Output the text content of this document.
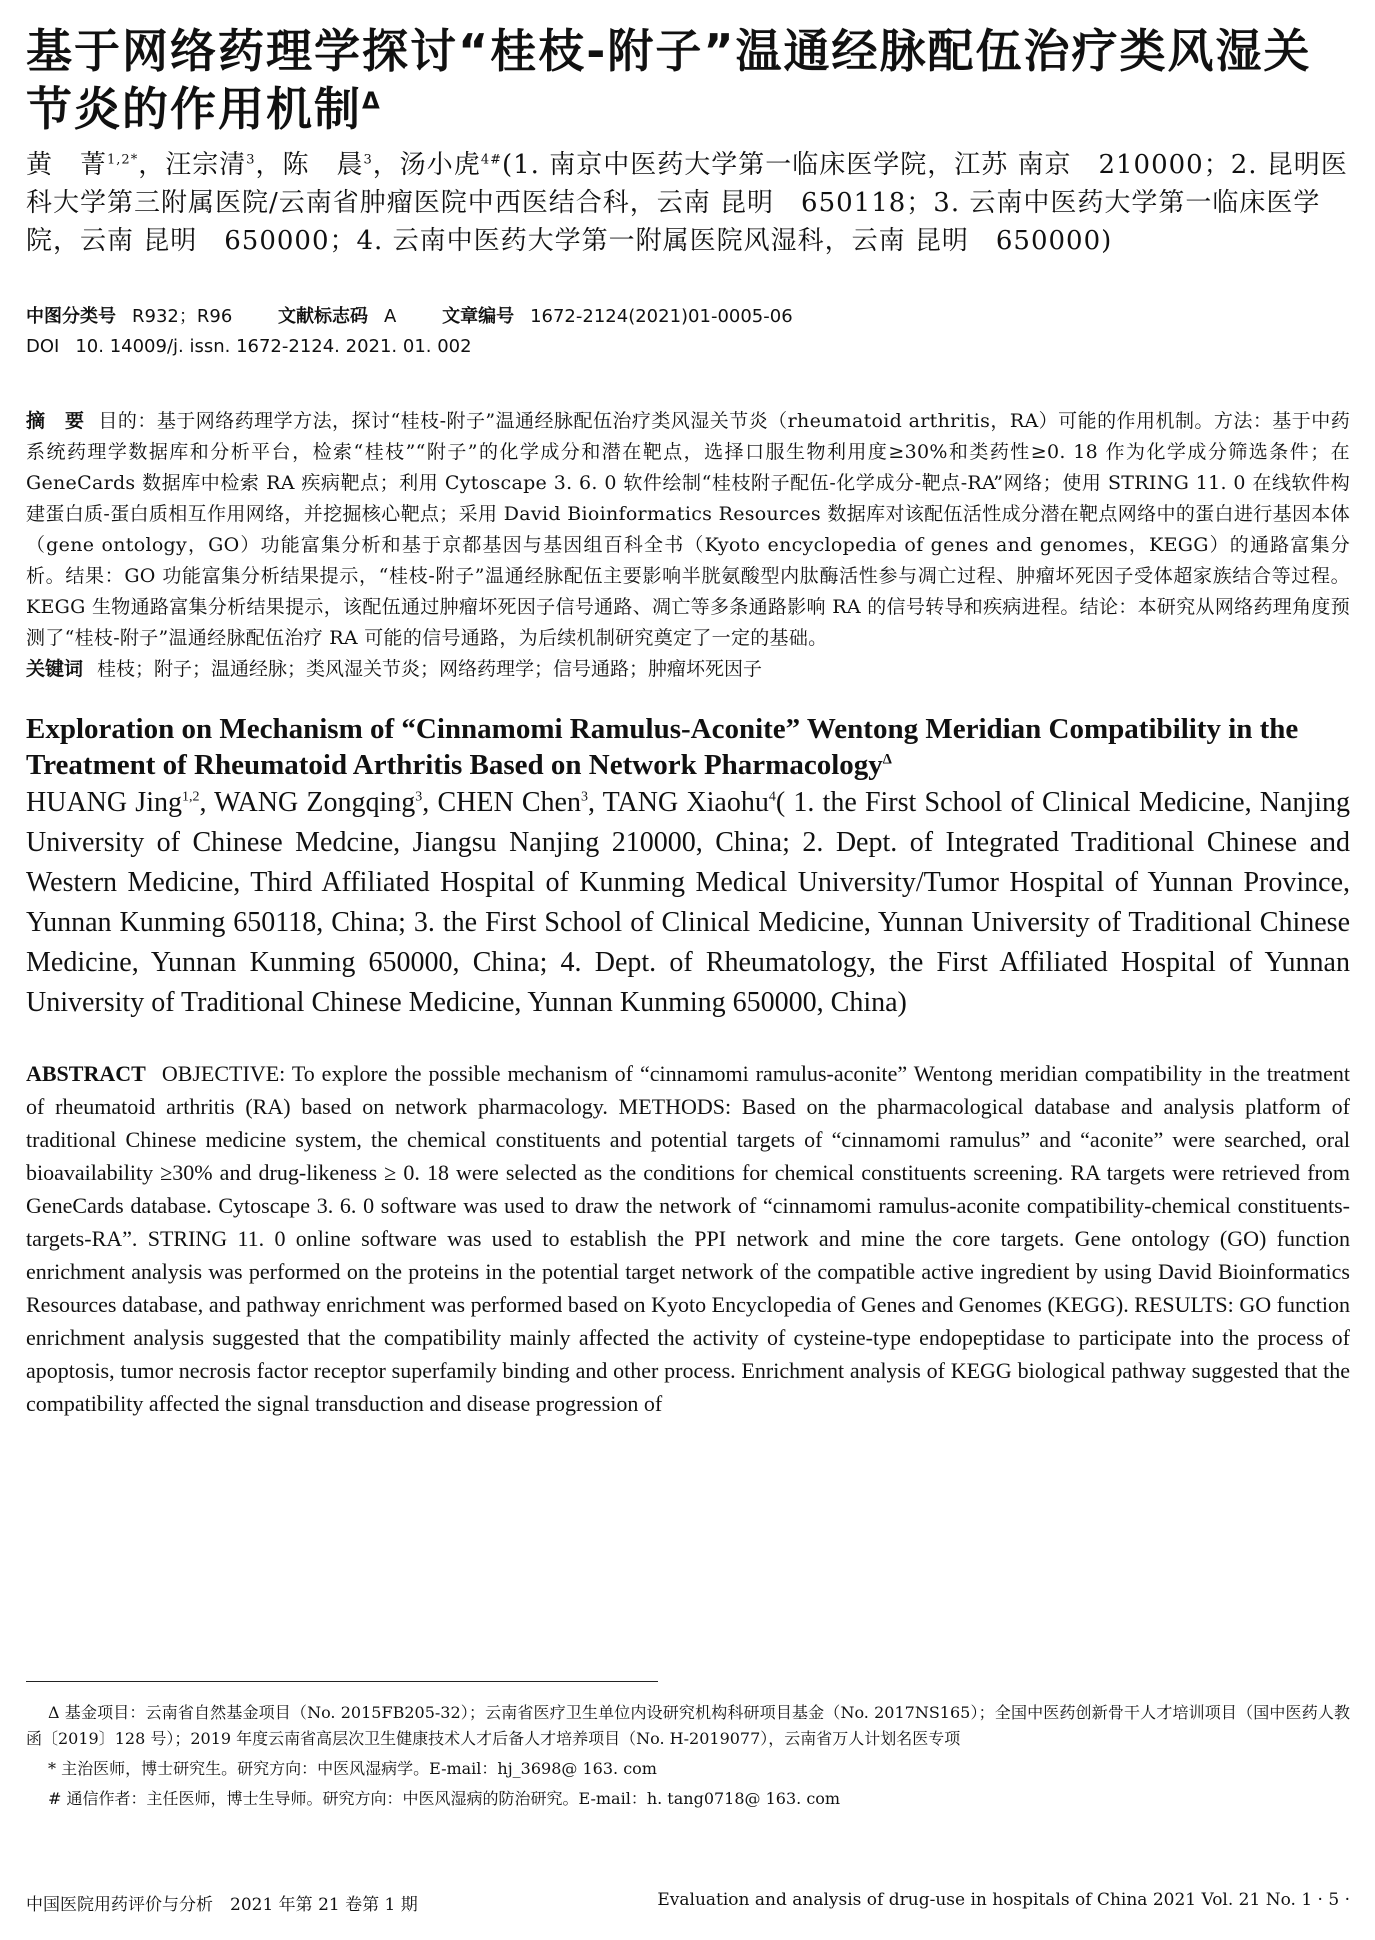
基于网络药理学探讨“桂枝-附子”温通经脉配伍治疗类风湿关节炎的作用机制$^\Delta$
黄　菁$^{1,2*}$，汪宗清$^3$，陈　晨$^3$，汤小虎$^{4\#}$(1. 南京中医药大学第一临床医学院，江苏 南京　210000；2. 昆明医科大学第三附属医院/云南省肿瘤医院中西医结合科，云南 昆明　650118；3. 云南中医药大学第一临床医学院，云南 昆明　650000；4. 云南中医药大学第一附属医院风湿科，云南 昆明　650000)
中图分类号 R932；R96	文献标志码 A	文章编号 1672-2124(2021)01-0005-06
DOI 10. 14009/j. issn. 1672-2124. 2021. 01. 002
摘　要 目的：基于网络药理学方法，探讨“桂枝-附子”温通经脉配伍治疗类风湿关节炎（rheumatoid arthritis，RA）可能的作用机制。方法：基于中药系统药理学数据库和分析平台，检索“桂枝”“附子”的化学成分和潜在靶点，选择口服生物利用度≥30%和类药性≥0. 18 作为化学成分筛选条件；在 GeneCards 数据库中检索 RA 疾病靶点；利用 Cytoscape 3. 6. 0 软件绘制“桂枝附子配伍-化学成分-靶点-RA”网络；使用 STRING 11. 0 在线软件构建蛋白质-蛋白质相互作用网络，并挖掘核心靶点；采用 David Bioinformatics Resources 数据库对该配伍活性成分潜在靶点网络中的蛋白进行基因本体（gene ontology，GO）功能富集分析和基于京都基因与基因组百科全书（Kyoto encyclopedia of genes and genomes，KEGG）的通路富集分析。结果：GO 功能富集分析结果提示，“桂枝-附子”温通经脉配伍主要影响半胱氨酸型内肽酶活性参与凋亡过程、肿瘤坏死因子受体超家族结合等过程。KEGG 生物通路富集分析结果提示，该配伍通过肿瘤坏死因子信号通路、凋亡等多条通路影响 RA 的信号转导和疾病进程。结论：本研究从网络药理角度预测了“桂枝-附子”温通经脉配伍治疗 RA 可能的信号通路，为后续机制研究奠定了一定的基础。
关键词 桂枝；附子；温通经脉；类风湿关节炎；网络药理学；信号通路；肿瘤坏死因子
Exploration on Mechanism of “Cinnamomi Ramulus-Aconite” Wentong Meridian Compatibility in the Treatment of Rheumatoid Arthritis Based on Network Pharmacology$^\Delta$
HUANG Jing$^{1,2}$, WANG Zongqing$^3$, CHEN Chen$^3$, TANG Xiaohu$^4$( 1. the First School of Clinical Medicine, Nanjing University of Chinese Medcine, Jiangsu Nanjing 210000, China; 2. Dept. of Integrated Traditional Chinese and Western Medicine, Third Affiliated Hospital of Kunming Medical University/Tumor Hospital of Yunnan Province, Yunnan Kunming 650118, China; 3. the First School of Clinical Medicine, Yunnan University of Traditional Chinese Medicine, Yunnan Kunming 650000, China; 4. Dept. of Rheumatology, the First Affiliated Hospital of Yunnan University of Traditional Chinese Medicine, Yunnan Kunming 650000, China)
ABSTRACT OBJECTIVE: To explore the possible mechanism of “cinnamomi ramulus-aconite” Wentong meridian compatibility in the treatment of rheumatoid arthritis (RA) based on network pharmacology. METHODS: Based on the pharmacological database and analysis platform of traditional Chinese medicine system, the chemical constituents and potential targets of “cinnamomi ramulus” and “aconite” were searched, oral bioavailability ≥30% and drug-likeness ≥ 0. 18 were selected as the conditions for chemical constituents screening. RA targets were retrieved from GeneCards database. Cytoscape 3. 6. 0 software was used to draw the network of “cinnamomi ramulus-aconite compatibility-chemical constituents-targets-RA”. STRING 11. 0 online software was used to establish the PPI network and mine the core targets. Gene ontology (GO) function enrichment analysis was performed on the proteins in the potential target network of the compatible active ingredient by using David Bioinformatics Resources database, and pathway enrichment was performed based on Kyoto Encyclopedia of Genes and Genomes (KEGG). RESULTS: GO function enrichment analysis suggested that the compatibility mainly affected the activity of cysteine-type endopeptidase to participate into the process of apoptosis, tumor necrosis factor receptor superfamily binding and other process. Enrichment analysis of KEGG biological pathway suggested that the compatibility affected the signal transduction and disease progression of

Δ 基金项目：云南省自然基金项目（No. 2015FB205-32）；云南省医疗卫生单位内设研究机构科研项目基金（No. 2017NS165）；全国中医药创新骨干人才培训项目（国中医药人教函〔2019〕128 号）；2019 年度云南省高层次卫生健康技术人才后备人才培养项目（No. H-2019077），云南省万人计划名医专项

* 主治医师，博士研究生。研究方向：中医风湿病学。E-mail：hj_3698@ 163. com

# 通信作者：主任医师，博士生导师。研究方向：中医风湿病的防治研究。E-mail：h. tang0718@ 163. com

中国医院用药评价与分析　2021 年第 21 卷第 1 期	Evaluation and analysis of drug-use in hospitals of China 2021 Vol. 21 No. 1 · 5 ·
